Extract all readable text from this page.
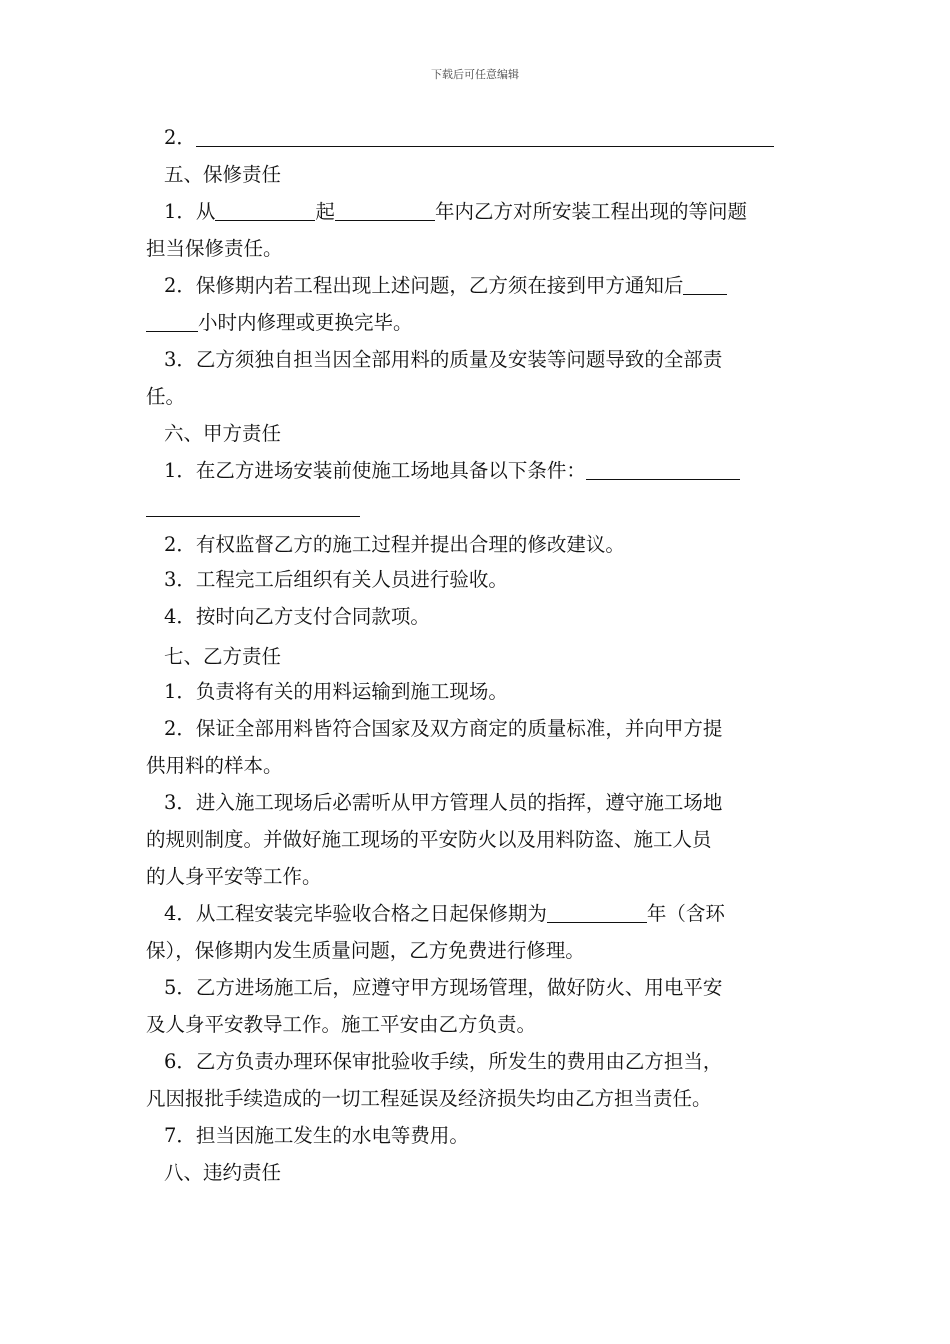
下载后可任意编辑
2．
五、保修责任
1．从	起	年内乙方对所安装工程出现的等问题
担当保修责任。
2．保修期内若工程出现上述问题，乙方须在接到甲方通知后
小时内修理或更换完毕。
3．乙方须独自担当因全部用料的质量及安装等问题导致的全部责
任。
六、甲方责任
1．在乙方进场安装前使施工场地具备以下条件：
2．有权监督乙方的施工过程并提出合理的修改建议。
3．工程完工后组织有关人员进行验收。
4．按时向乙方支付合同款项。
七、乙方责任
1．负责将有关的用料运输到施工现场。
2．保证全部用料皆符合国家及双方商定的质量标准，并向甲方提
供用料的样本。
3．进入施工现场后必需听从甲方管理人员的指挥，遵守施工场地
的规则制度。并做好施工现场的平安防火以及用料防盗、施工人员
的人身平安等工作。
4．从工程安装完毕验收合格之日起保修期为	年（含环
保），保修期内发生质量问题，乙方免费进行修理。
5．乙方进场施工后，应遵守甲方现场管理，做好防火、用电平安
及人身平安教导工作。施工平安由乙方负责。
6．乙方负责办理环保审批验收手续，所发生的费用由乙方担当，
凡因报批手续造成的一切工程延误及经济损失均由乙方担当责任。
7．担当因施工发生的水电等费用。
八、违约责任
